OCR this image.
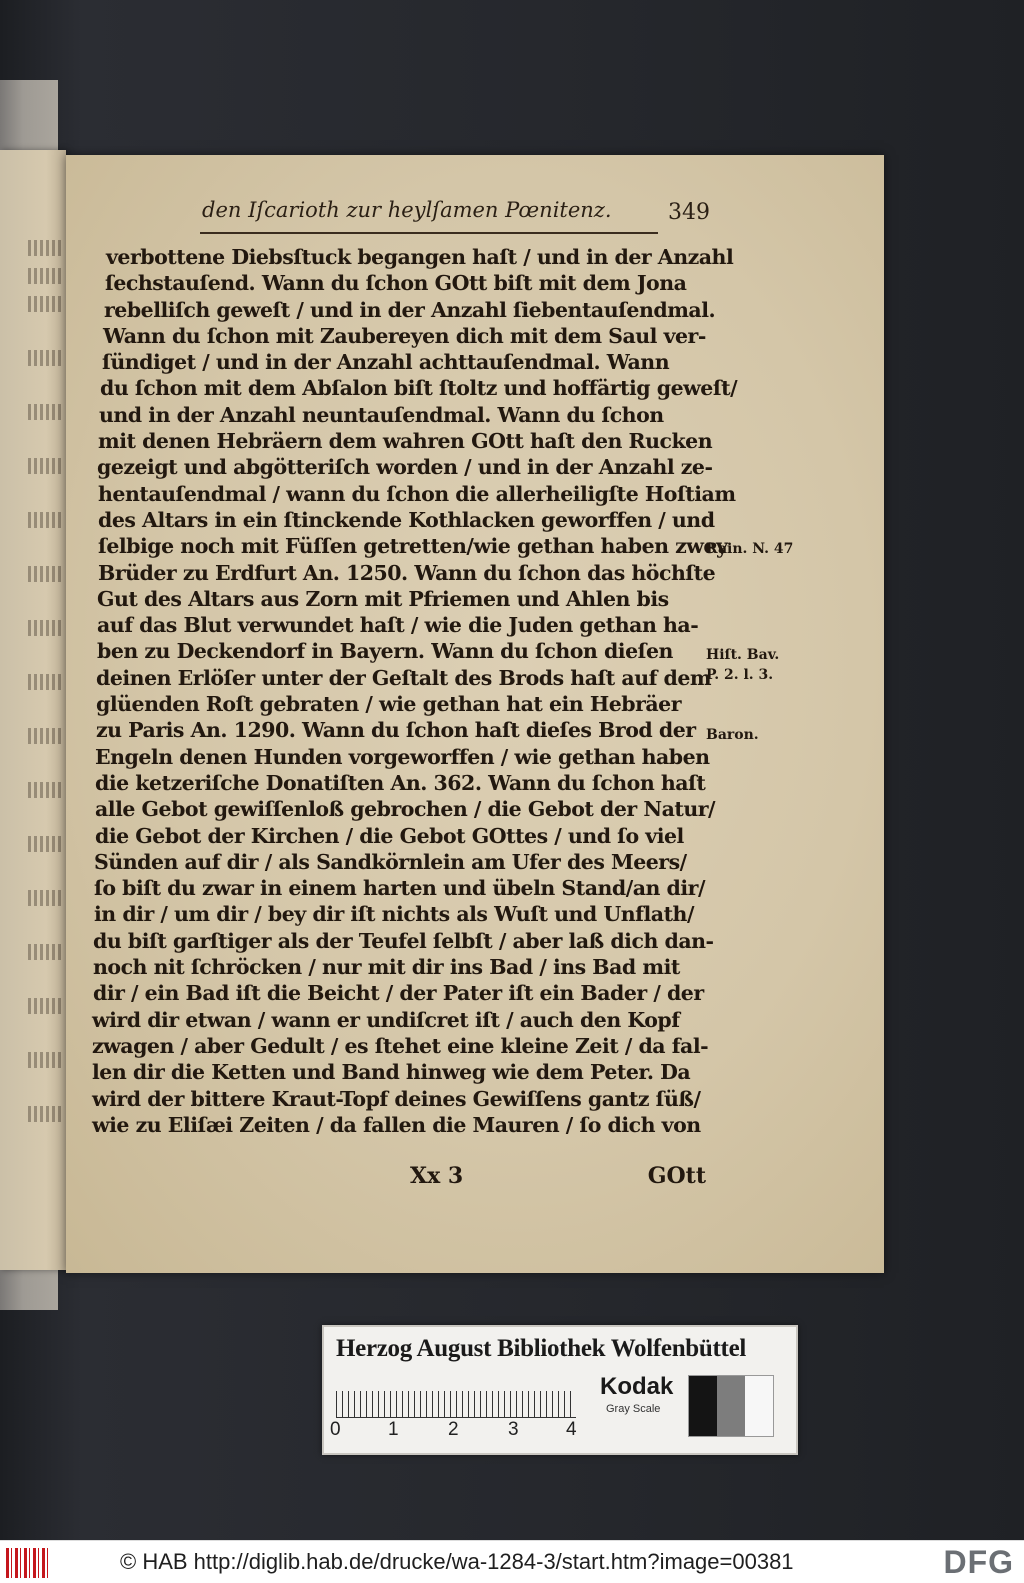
den Iſcarioth zur heylſamen Pœnitenz.	349
verbottene Diebsſtuck begangen haſt / und in der Anzahl
ſechstauſend. Wann du ſchon GOtt biſt mit dem Jona
rebelliſch geweſt / und in der Anzahl ſiebentauſendmal.
Wann du ſchon mit Zaubereyen dich mit dem Saul ver-
ſündiget / und in der Anzahl achttauſendmal. Wann
du ſchon mit dem Abſalon biſt ſtoltz und hoffärtig geweſt/
und in der Anzahl neuntauſendmal. Wann du ſchon
mit denen Hebräern dem wahren GOtt haſt den Rucken
gezeigt und abgötteriſch worden / und in der Anzahl ze-
hentauſendmal / wann du ſchon die allerheiligſte Hoſtiam
des Altars in ein ſtinckende Kothlacken geworffen / und
ſelbige noch mit Füſſen getretten/wie gethan haben zwey
Brüder zu Erdfurt An. 1250. Wann du ſchon das höchſte
Gut des Altars aus Zorn mit Pfriemen und Ahlen bis
auf das Blut verwundet haſt / wie die Juden gethan ha-
ben zu Deckendorf in Bayern. Wann du ſchon dieſen
deinen Erlöſer unter der Geſtalt des Brods haſt auf dem
glüenden Roſt gebraten / wie gethan hat ein Hebräer
zu Paris An. 1290. Wann du ſchon haſt dieſes Brod der
Engeln denen Hunden vorgeworffen / wie gethan haben
die ketzeriſche Donatiſten An. 362. Wann du ſchon haſt
alle Gebot gewiſſenloß gebrochen / die Gebot der Natur/
die Gebot der Kirchen / die Gebot GOttes / und ſo viel
Sünden auf dir / als Sandkörnlein am Ufer des Meers/
ſo biſt du zwar in einem harten und übeln Stand/an dir/
in dir / um dir / bey dir iſt nichts als Wuſt und Unflath/
du biſt garſtiger als der Teufel ſelbſt / aber laß dich dan-
noch nit ſchröcken / nur mit dir ins Bad / ins Bad mit
dir / ein Bad iſt die Beicht / der Pater iſt ein Bader / der
wird dir etwan / wann er undiſcret iſt / auch den Kopf
zwagen / aber Gedult / es ſtehet eine kleine Zeit / da fal-
len dir die Ketten und Band hinweg wie dem Peter. Da
wird der bittere Kraut-Topf deines Gewiſſens gantz ſüß/
wie zu Eliſæi Zeiten / da fallen die Mauren / ſo dich von
Rain. N. 47
Hiſt. Bav.
P. 2. l. 3.
Baron.
Xx 3	GOtt
Herzog August Bibliothek Wolfenbüttel
0 1	2	3 4
Kodak
Gray Scale
© HAB http://diglib.hab.de/drucke/wa-1284-3/start.htm?image=00381	DFG
